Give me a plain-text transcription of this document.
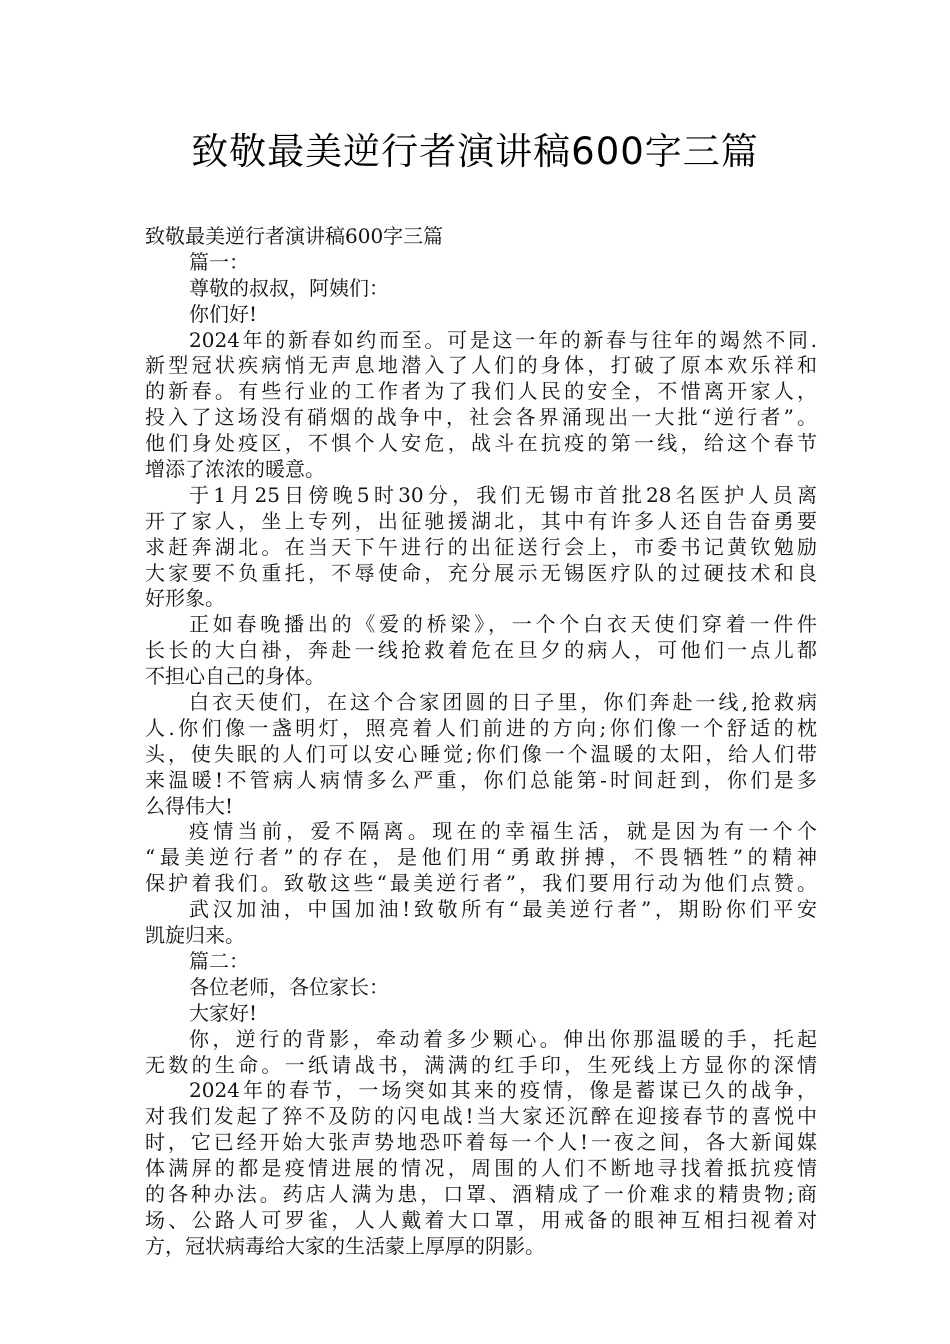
致敬最美逆行者演讲稿600字三篇

致敬最美逆行者演讲稿600字三篇

篇一：

尊敬的叔叔，阿姨们：

你们好!

2024年的新春如约而至。可是这一年的新春与往年的竭然不同.

新型冠状疾病悄无声息地潜入了人们的身体，打破了原本欢乐祥和

的新春。有些行业的工作者为了我们人民的安全，不惜离开家人，

投入了这场没有硝烟的战争中，社会各界涌现出一大批“逆行者”。

他们身处疫区，不惧个人安危，战斗在抗疫的第一线，给这个春节

增添了浓浓的暖意。

于1月25日傍晚5时30分，我们无锡市首批28名医护人员离

开了家人，坐上专列，出征驰援湖北，其中有许多人还自告奋勇要

求赶奔湖北。在当天下午进行的出征送行会上，市委书记黄钦勉励

大家要不负重托，不辱使命，充分展示无锡医疗队的过硬技术和良

好形象。

正如春晚播出的《爱的桥梁》，一个个白衣天使们穿着一件件

长长的大白褂，奔赴一线抢救着危在旦夕的病人，可他们一点儿都

不担心自己的身体。

白衣天使们，在这个合家团圆的日子里，你们奔赴一线,抢救病

人.你们像一盏明灯，照亮着人们前进的方向;你们像一个舒适的枕

头，使失眠的人们可以安心睡觉;你们像一个温暖的太阳，给人们带

来温暖!不管病人病情多么严重，你们总能第-时间赶到，你们是多

么得伟大!

疫情当前，爱不隔离。现在的幸福生活，就是因为有一个个

“最美逆行者”的存在，是他们用“勇敢拼搏，不畏牺牲”的精神

保护着我们。致敬这些“最美逆行者”，我们要用行动为他们点赞。

武汉加油，中国加油!致敬所有“最美逆行者”，期盼你们平安

凯旋归来。

篇二：

各位老师，各位家长：

大家好!

你，逆行的背影，牵动着多少颗心。伸出你那温暖的手，托起

无数的生命。一纸请战书，满满的红手印，生死线上方显你的深情

2024年的春节，一场突如其来的疫情，像是蓄谋已久的战争，

对我们发起了猝不及防的闪电战!当大家还沉醉在迎接春节的喜悦中

时，它已经开始大张声势地恐吓着每一个人!一夜之间，各大新闻媒

体满屏的都是疫情进展的情况，周围的人们不断地寻找着抵抗疫情

的各种办法。药店人满为患，口罩、酒精成了一价难求的精贵物;商

场、公路人可罗雀，人人戴着大口罩，用戒备的眼神互相扫视着对

方，冠状病毒给大家的生活蒙上厚厚的阴影。
